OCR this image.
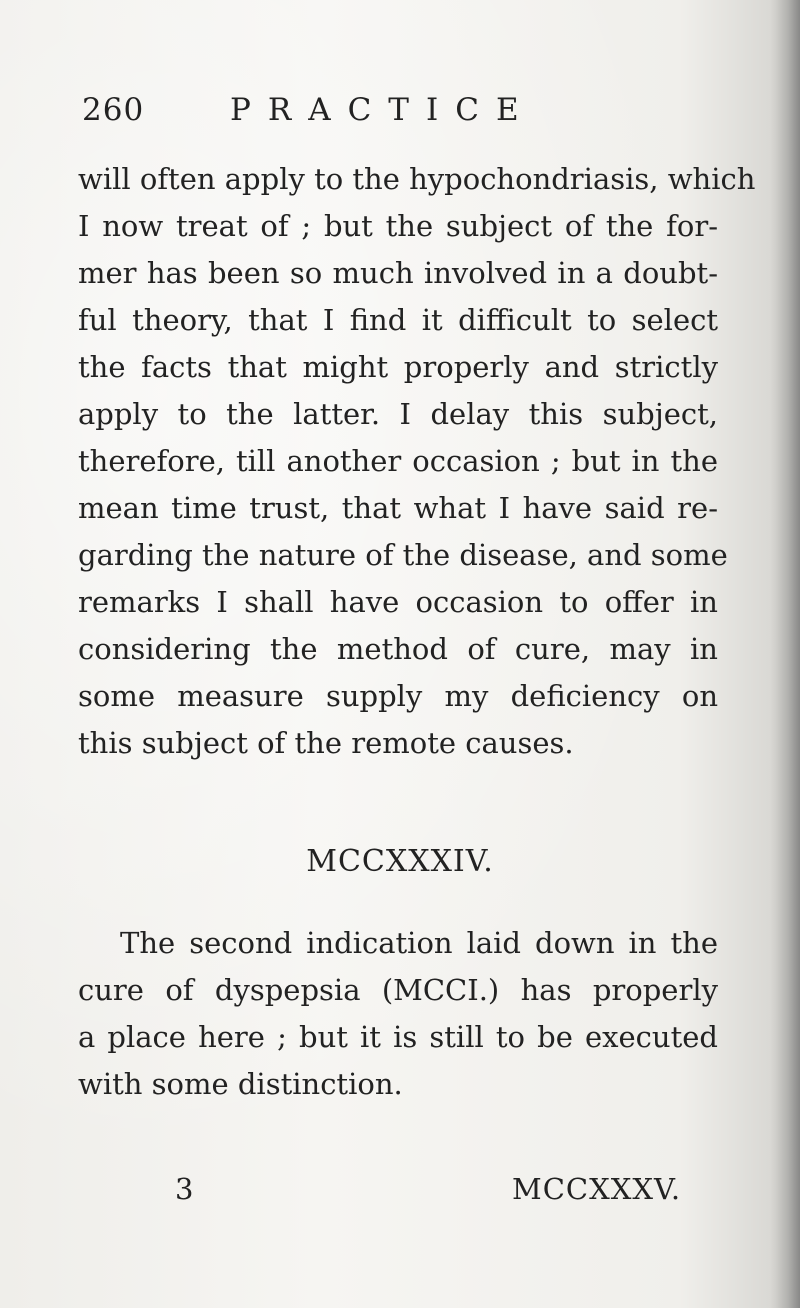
260	PRACTICE
will often apply to the hypochondriasis, which
I now treat of ; but the subject of the for-
mer has been so much involved in a doubt-
ful theory, that I find it difficult to select
the facts that might properly and strictly
apply to the latter. I delay this subject,
therefore, till another occasion ; but in the
mean time trust, that what I have said re-
garding the nature of the disease, and some
remarks I shall have occasion to offer in
considering the method of cure, may in
some measure supply my deficiency on
this subject of the remote causes.
MCCXXXIV.
The second indication laid down in the
cure of dyspepsia (MCCI.) has properly
a place here ; but it is still to be executed
with some distinction.
3	MCCXXXV.
